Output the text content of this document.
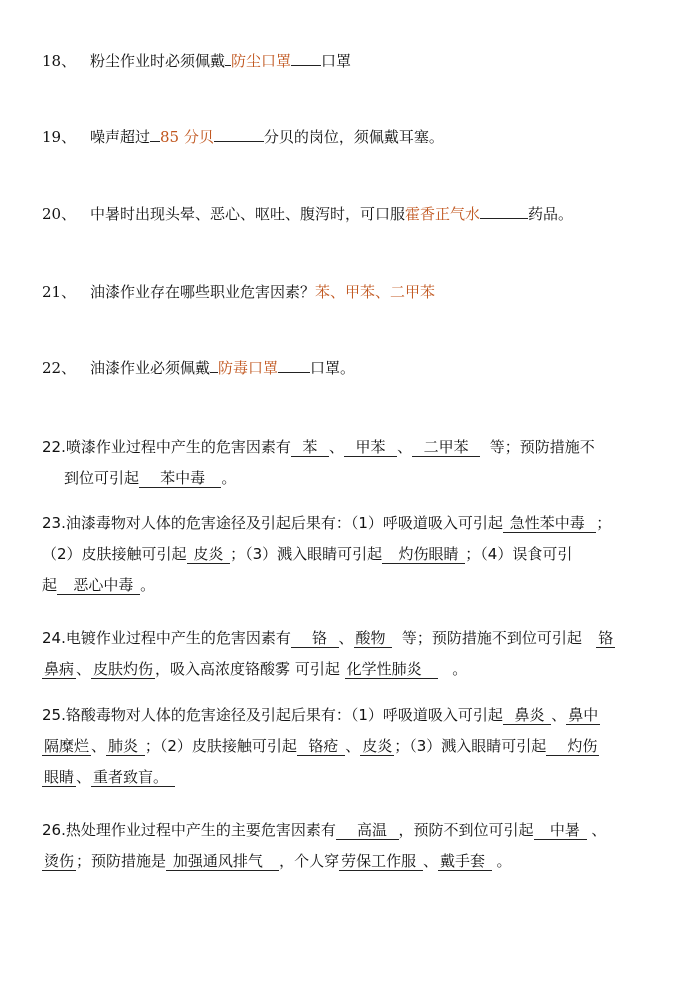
18、 粉尘作业时必须佩戴 防尘口罩 口罩
19、 噪声超过 85 分贝	分贝的岗位，须佩戴耳塞。
20、 中暑时出现头晕、恶心、呕吐、腹泻时，可口服霍香正气水	药品。
21、 油漆作业存在哪些职业危害因素？苯、甲苯、二甲苯
22、 油漆作业必须佩戴 防毒口罩 口罩。
22.喷漆作业过程中产生的危害因素有 苯 、 甲苯 、 二甲苯 等；预防措施不
到位可引起 苯中毒 。
23.油漆毒物对人体的危害途径及引起后果有：（1）呼吸道吸入可引起 急性苯中毒 ；
（2）皮肤接触可引起 皮炎 ；（3）溅入眼睛可引起 灼伤眼睛 ；（4）误食可引
起 恶心中毒 。
24.电镀作业过程中产生的危害因素有 铬 、 酸物 等；预防措施不到位可引起 铬
鼻病 、 皮肤灼伤 ，吸入高浓度铬酸雾 可引起 化学性肺炎 。
25.铬酸毒物对人体的危害途径及引起后果有：（1）呼吸道吸入可引起 鼻炎 、 鼻中
隔糜烂 、 肺炎 ；（2）皮肤接触可引起 铬疮 、 皮炎 ；（3）溅入眼睛可引起 灼伤
眼睛 、 重者致盲。
26.热处理作业过程中产生的主要危害因素有 高温 ，预防不到位可引起 中暑 、
烫伤 ；预防措施是 加强通风排气 ，个人穿 劳保工作服 、 戴手套 。
